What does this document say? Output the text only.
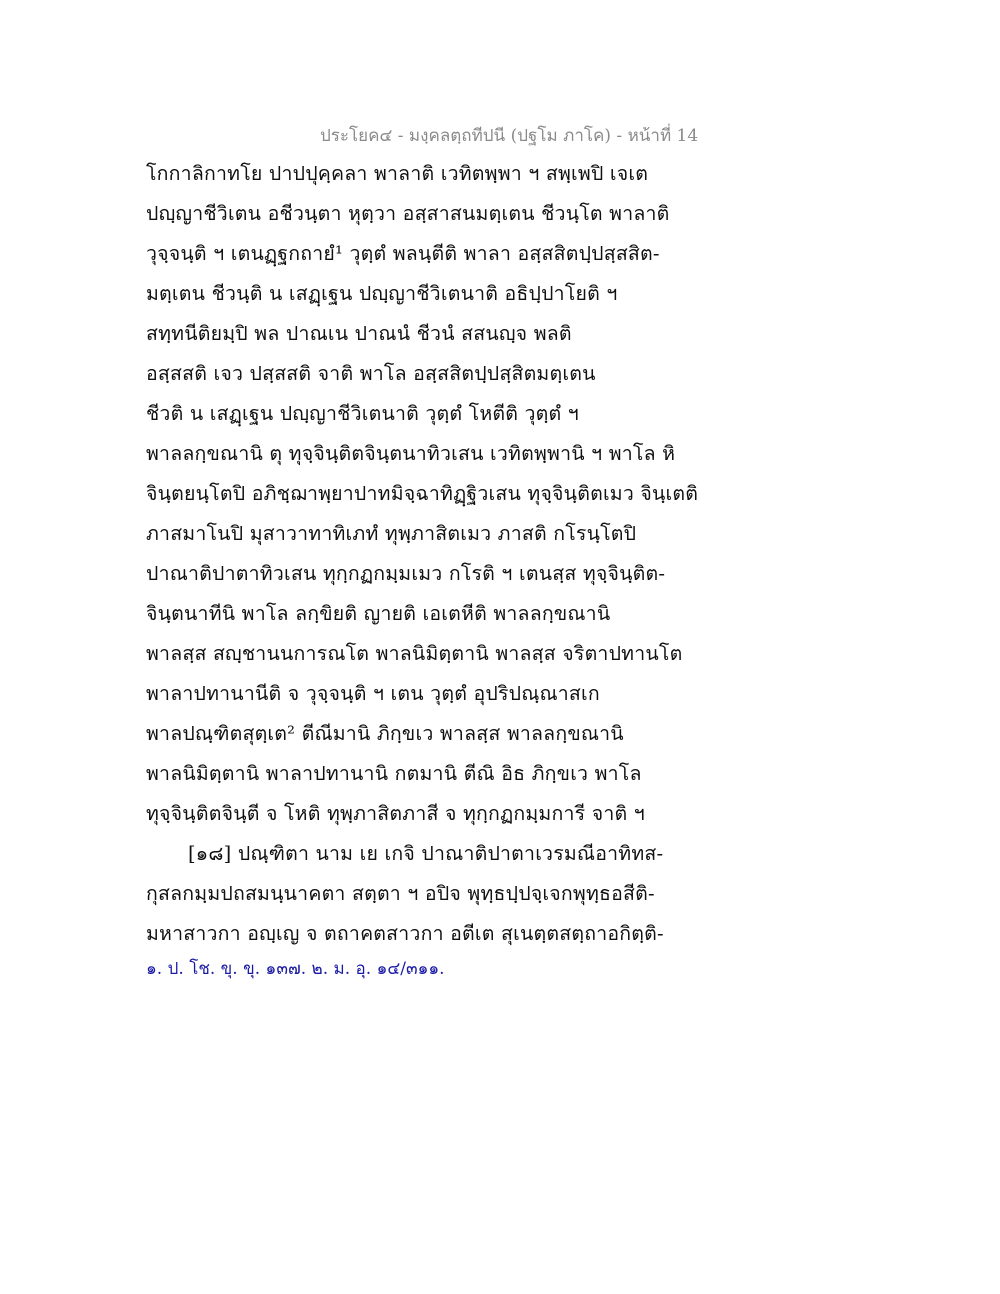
ประโยค๔ - มงฺคลตฺถทีปนี (ปฐโม ภาโค) - หน้าที่ 14
โกกาลิกาทโย ปาปปุคฺคลา พาลาติ เวทิตพฺพา ฯ สพฺเพปิ เจเต
ปญฺญาชีวิเตน อชีวนฺตา หุตฺวา อสฺสาสนมตฺเตน ชีวนฺโต พาลาติ
วุจฺจนฺติ ฯ เตนฏฺฐกถายํ¹ วุตฺตํ พลนฺตีติ พาลา อสฺสสิตปฺปสฺสสิต-
มตฺเตน ชีวนฺติ น เสฏฺเฐน ปญฺญาชีวิเตนาติ อธิปฺปาโยติ ฯ
สทฺทนีติยมฺปิ พล ปาณเน ปาณนํ ชีวนํ สสนญฺจ พลติ
อสฺสสติ เจว ปสฺสสติ จาติ พาโล อสฺสสิตปฺปสฺสิตมตฺเตน
ชีวติ น เสฏฺเฐน ปญฺญาชีวิเตนาติ วุตฺตํ โหตีติ วุตฺตํ ฯ
พาลลกฺขณานิ ตุ ทุจฺจินฺติตจินฺตนาทิวเสน เวทิตพฺพานิ ฯ พาโล หิ
จินฺตยนฺโตปิ อภิชฺฌาพฺยาปาทมิจฺฉาทิฏฺฐิวเสน ทุจฺจินฺติตเมว จินฺเตติ
ภาสมาโนปิ มุสาวาทาทิเภทํ ทุพฺภาสิตเมว ภาสติ กโรนฺโตปิ
ปาณาติปาตาทิวเสน ทุกฺกฏกมฺมเมว กโรติ ฯ เตนสฺส ทุจฺจินฺติต-
จินฺตนาทีนิ พาโล ลกฺขิยติ ญายติ เอเตหีติ พาลลกฺขณานิ
พาลสฺส สญฺชานนการณโต พาลนิมิตฺตานิ พาลสฺส จริตาปทานโต
พาลาปทานานีติ จ วุจฺจนฺติ ฯ เตน วุตฺตํ อุปริปณฺณาสเก
พาลปณฺฑิตสุตฺเต² ตีณีมานิ ภิกฺขเว พาลสฺส พาลลกฺขณานิ
พาลนิมิตฺตานิ พาลาปทานานิ กตมานิ ตีณิ อิธ ภิกฺขเว พาโล
ทุจฺจินฺติตจินฺตี จ โหติ ทุพฺภาสิตภาสี จ ทุกฺกฏกมฺมการี จาติ ฯ
[๑๘] ปณฺฑิตา นาม เย เกจิ ปาณาติปาตาเวรมณีอาทิทส-
กุสลกมฺมปถสมนฺนาคตา สตฺตา ฯ อปิจ พุทฺธปฺปจฺเจกพุทฺธอสีติ-
มหาสาวกา อญฺเญ จ ตถาคตสาวกา อตีเต สุเนตฺตสตฺถาอกิตฺติ-
๑. ป. โช. ขุ. ขุ. ๑๓๗. ๒. ม. อุ. ๑๔/๓๑๑.
